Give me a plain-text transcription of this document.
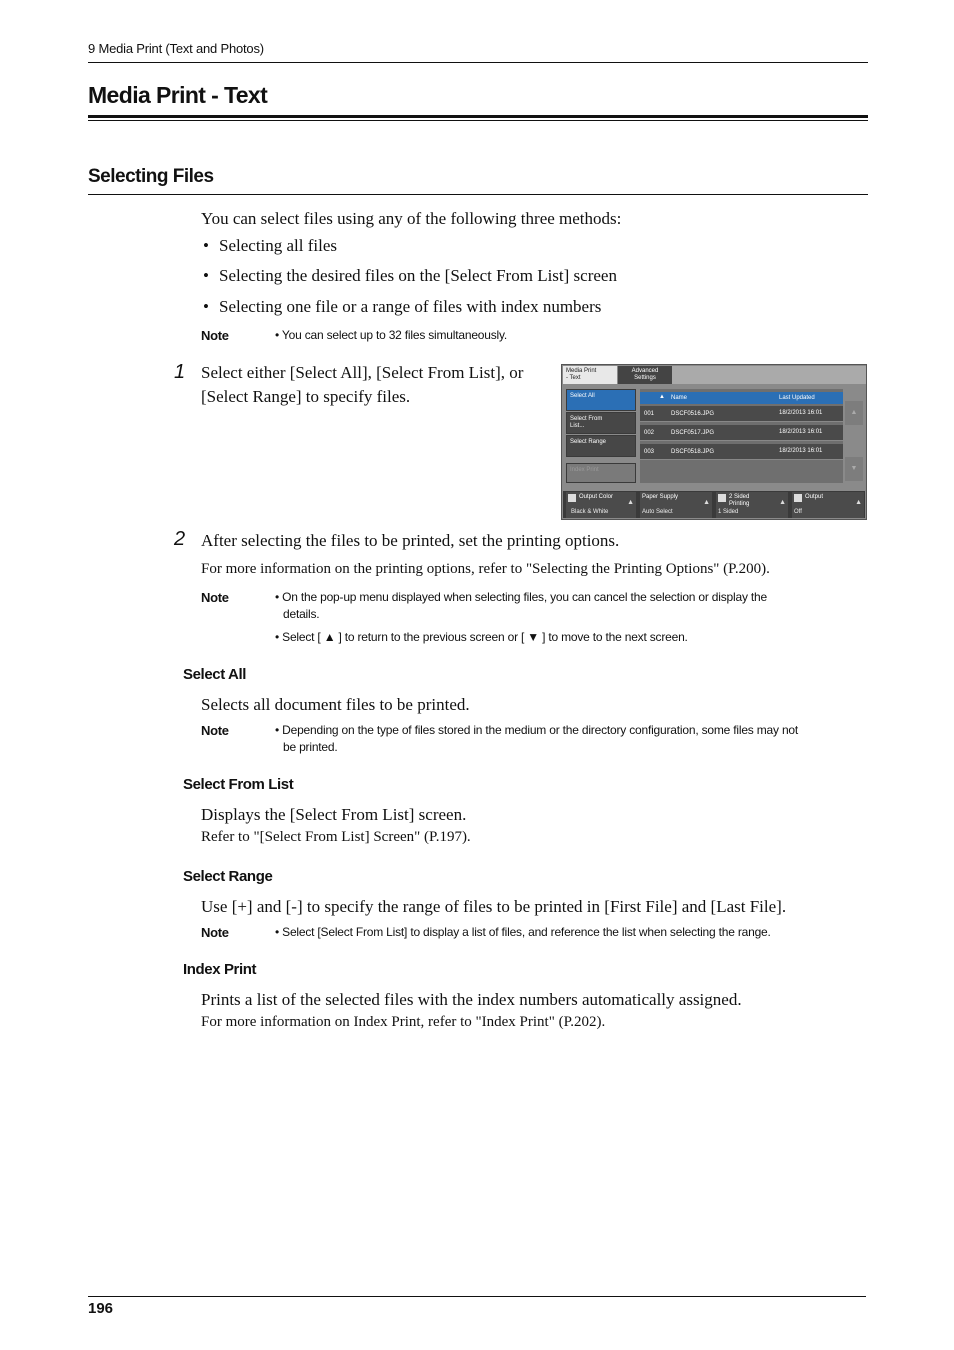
9 Media Print (Text and Photos)
Media Print - Text
Selecting Files
You can select files using any of the following three methods:
• Selecting all files
• Selecting the desired files on the [Select From List] screen
• Selecting one file or a range of files with index numbers
Note	• You can select up to 32 files simultaneously.
1 Select either [Select All], [Select From List], or
[Select Range] to specify files.
Media Print
- Text
Advanced
Settings
Select All
Select From
List...
Select Range
Index Print
▲ Name	Last Updated
001	DSCF0516.JPG	18/2/2013 16:01
002	DSCF0517.JPG	18/2/2013 16:01
003	DSCF0518.JPG	18/2/2013 16:01
▲
▼
Output Color
▲
Black & White
Paper Supply
▲
Auto Select
2 Sided Printing	▲
1 Sided
Output
▲
Off
2 After selecting the files to be printed, set the printing options.
For more information on the printing options, refer to "Selecting the Printing Options" (P.200).
Note	• On the pop-up menu displayed when selecting files, you can cancel the selection or display the
details.
• Select [ ▲ ] to return to the previous screen or [ ▼ ] to move to the next screen.
Select All
Selects all document files to be printed.
Note	• Depending on the type of files stored in the medium or the directory configuration, some files may not
be printed.
Select From List
Displays the [Select From List] screen.
Refer to "[Select From List] Screen" (P.197).
Select Range
Use [+] and [-] to specify the range of files to be printed in [First File] and [Last File].
Note	• Select [Select From List] to display a list of files, and reference the list when selecting the range.
Index Print
Prints a list of the selected files with the index numbers automatically assigned.
For more information on Index Print, refer to "Index Print" (P.202).
196
